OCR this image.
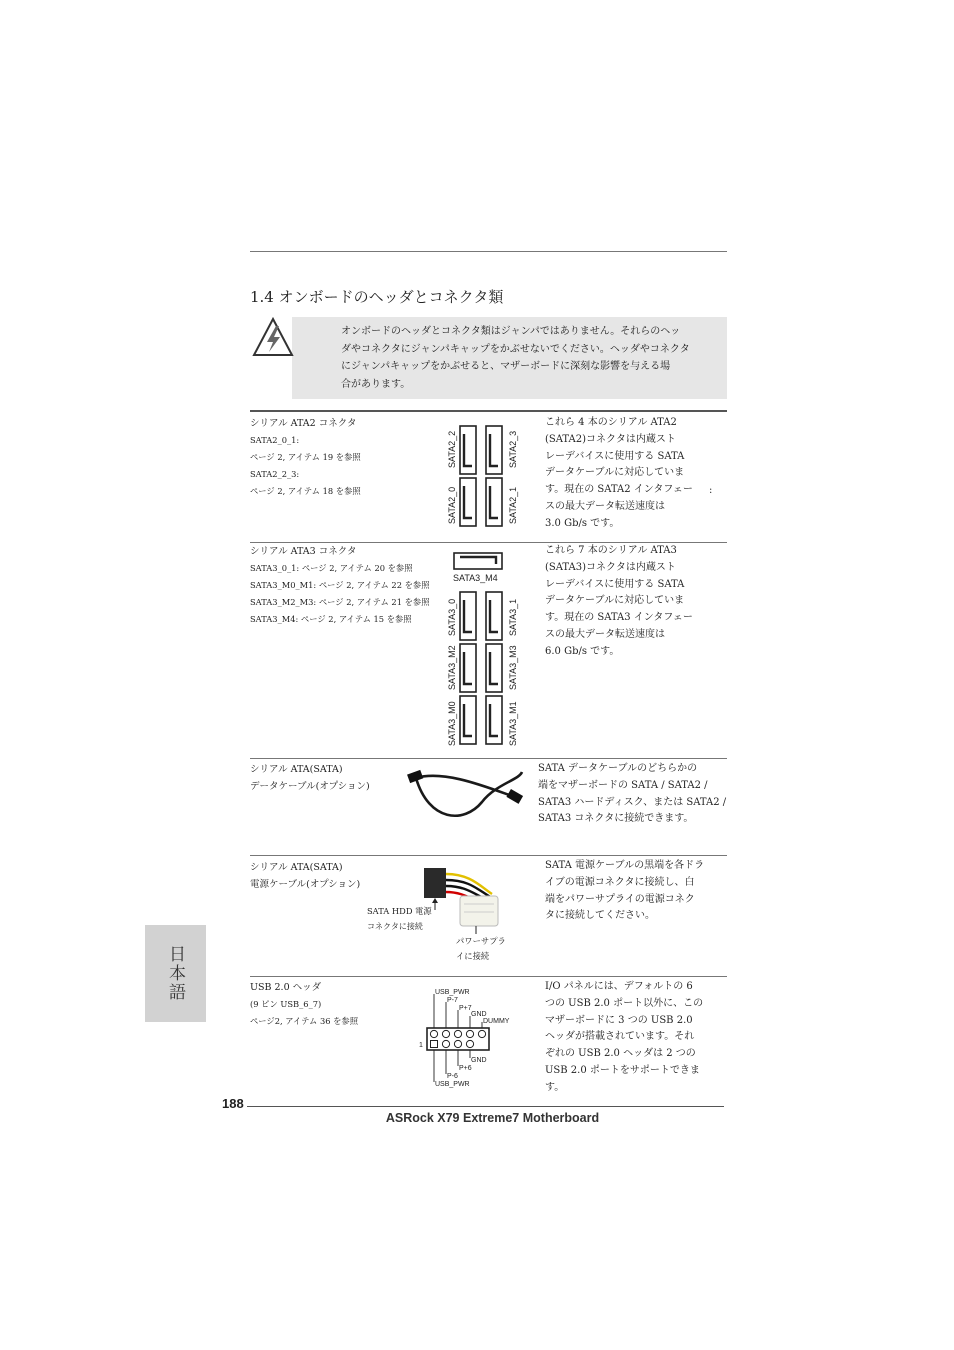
1.4 オンボードのヘッダとコネクタ類
オンボードのヘッダとコネクタ類はジャンパではありません。それらのヘッ
ダやコネクタにジャンパキャップをかぶせないでください。ヘッダやコネクタ
にジャンパキャップをかぶせると、マザーボードに深刻な影響を与える場
合があります。
シリアル ATA2 コネクタ
SATA2_0_1:
ページ 2, アイテム 19 を参照
SATA2_2_3:
ページ 2, アイテム 18 を参照
SATA2_2	SATA2_3
SATA2_0	SATA2_1
これら 4 本のシリアル ATA2
(SATA2)コネクタは内蔵スト
レーデバイスに使用する SATA
データケーブルに対応していま
す。現在の SATA2 インタフェー
スの最大データ転送速度は
3.0 Gb/s です。
:
シリアル ATA3 コネクタ
SATA3_0_1: ページ 2, アイテム 20 を参照
SATA3_M0_M1: ページ 2, アイテム 22 を参照
SATA3_M2_M3: ページ 2, アイテム 21 を参照
SATA3_M4: ページ 2, アイテム 15 を参照
SATA3_M4
SATA3_0	SATA3_1
SATA3_M2	SATA3_M3
SATA3_M0	SATA3_M1
これら 7 本のシリアル ATA3
(SATA3)コネクタは内蔵スト
レーデバイスに使用する SATA
データケーブルに対応していま
す。現在の SATA3 インタフェー
スの最大データ転送速度は
6.0 Gb/s です。
シリアル ATA(SATA)
データケーブル(オプション)
SATA データケーブルのどちらかの
端をマザーボードの SATA / SATA2 /
SATA3 ハードディスク、または SATA2 /
SATA3 コネクタに接続できます。
シリアル ATA(SATA)
電源ケーブル(オプション)
SATA HDD 電源
コネクタに接続
パワーサプラ
イに接続
SATA 電源ケーブルの黒端を各ドラ
イブの電源コネクタに接続し、白
端をパワーサプライの電源コネク
タに接続してください。
USB 2.0 ヘッダ
(9 ピン USB_6_7)
ページ2, アイテム 36 を参照
USB_PWR
P-7
P+7
GND
DUMMY
1
GND
P+6
P-6
USB_PWR
I/O パネルには、デフォルトの 6
つの USB 2.0 ポート以外に、この
マザーボードに 3 つの USB 2.0
ヘッダが搭載されています。それ
ぞれの USB 2.0 ヘッダは 2 つの
USB 2.0 ポートをサポートできま
す。
日本語
188
ASRock X79 Extreme7 Motherboard
